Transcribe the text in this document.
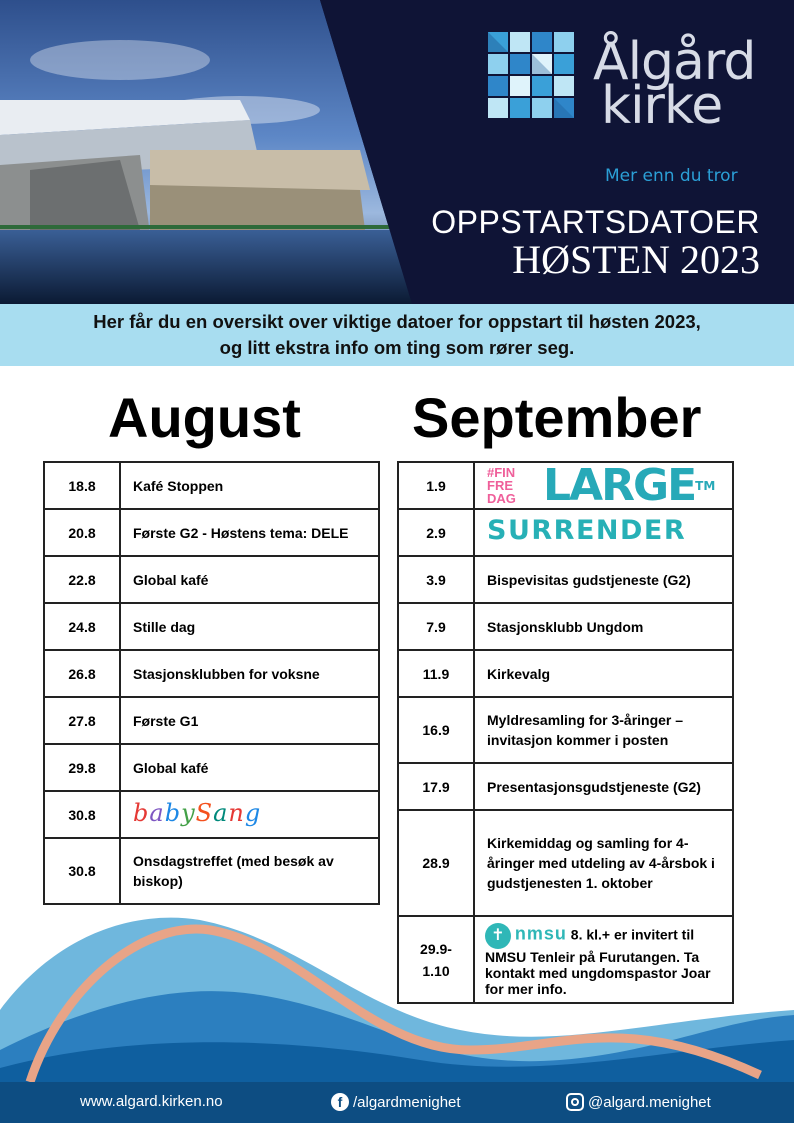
Ålgård
kirke
Mer enn du tror
OPPSTARTSDATOER
HØSTEN 2023
Her får du en oversikt over viktige datoer for oppstart til høsten 2023,
og litt ekstra info om ting som rører seg.
August September
18.8	Kafé Stoppen
20.8	Første G2 - Høstens tema: DELE
22.8	Global kafé
24.8	Stille dag
26.8	Stasjonsklubben for voksne
27.8	Første G1
29.8	Global kafé
30.8	babySang
30.8	Onsdagstreffet (med besøk av biskop)
1.9	#FIN FRE DAG LARGE™

2.9	SURRENDER
3.9	Bispevisitas gudstjeneste (G2)
7.9	Stasjonsklubb Ungdom
11.9	Kirkevalg
16.9	Myldresamling for 3-åringer – invitasjon kommer i posten
17.9	Presentasjonsgudstjeneste (G2)
28.9	Kirkemiddag og samling for 4-åringer med utdeling av 4-årsbok i gudstjenesten 1. oktober
29.9-
1.10	✝ nmsu 8. kl.+ er invitert til NMSU Tenleir på Furutangen. Ta kontakt med ungdomspastor Joar for mer info.
www.algard.kirken.no	f /algardmenighet	@algard.menighet
